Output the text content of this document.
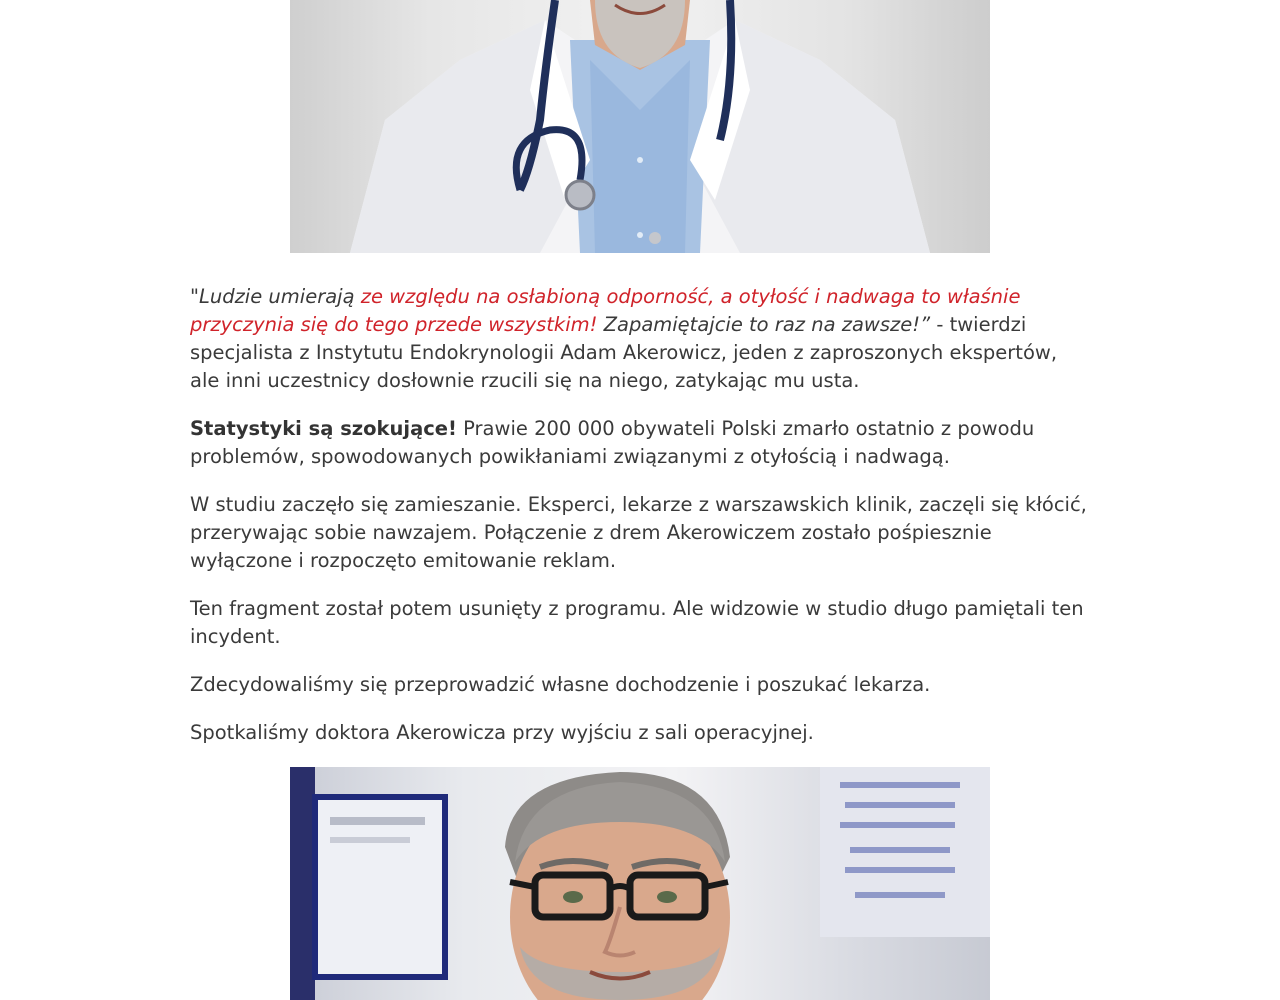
"Ludzie umierają ze względu na osłabioną odporność, a otyłość i nadwaga to właśnie przyczynia się do tego przede wszystkim! Zapamiętajcie to raz na zawsze!” - twierdzi specjalista z Instytutu Endokrynologii Adam Akerowicz, jeden z zaproszonych ekspertów, ale inni uczestnicy dosłownie rzucili się na niego, zatykając mu usta.

Statystyki są szokujące! Prawie 200 000 obywateli Polski zmarło ostatnio z powodu problemów, spowodowanych powikłaniami związanymi z otyłością i nadwagą.

W studiu zaczęło się zamieszanie. Eksperci, lekarze z warszawskich klinik, zaczęli się kłócić, przerywając sobie nawzajem. Połączenie z drem Akerowiczem zostało pośpiesznie wyłączone i rozpoczęto emitowanie reklam.

Ten fragment został potem usunięty z programu. Ale widzowie w studio długo pamiętali ten incydent.

Zdecydowaliśmy się przeprowadzić własne dochodzenie i poszukać lekarza.

Spotkaliśmy doktora Akerowicza przy wyjściu z sali operacyjnej.
